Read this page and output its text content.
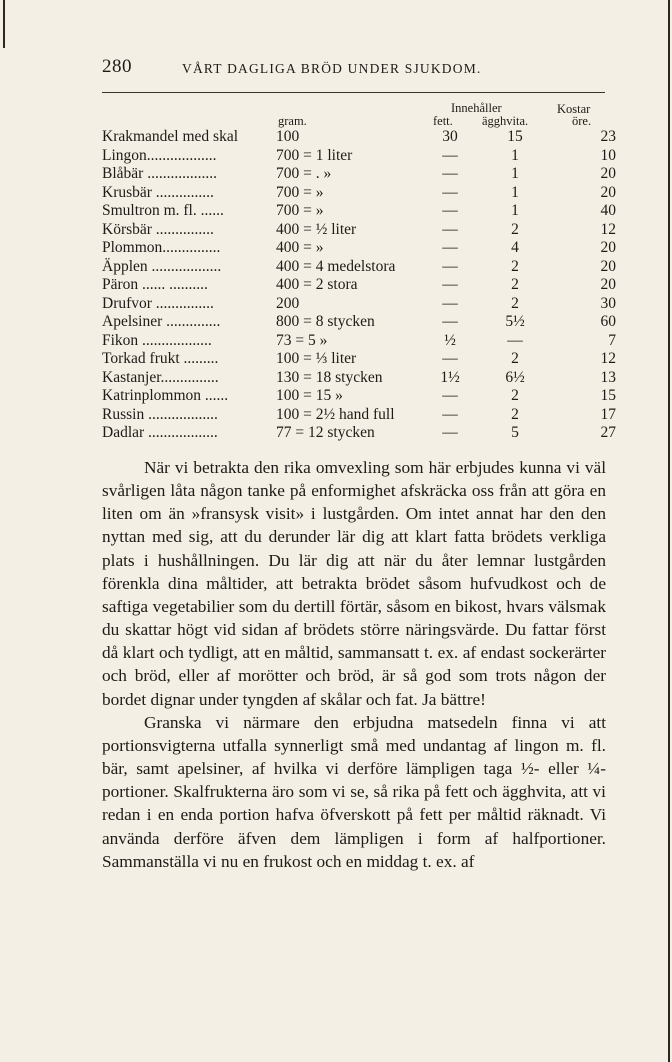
280	VÅRT DAGLIGA BRÖD UNDER SJUKDOM.
Innehåller	Kostar
gram.	fett. ägghvita.	öre.
Krakmandel med skal	100	30	15	23
Lingon..................	700 = 1 liter	—	1	10
Blåbär ..................	700 = . »	—	1	20
Krusbär ...............	700 = »	—	1	20
Smultron m. fl. ......	700 = »	—	1	40
Körsbär ...............	400 = ½ liter	—	2	12
Plommon...............	400 = »	—	4	20
Äpplen ..................	400 = 4 medelstora	—	2	20
Päron ...... ..........	400 = 2 stora	—	2	20
Drufvor ...............	200	—	2	30
Apelsiner ..............	800 = 8 stycken	—	5½	60
Fikon ..................	73 = 5 »	½	—	7
Torkad frukt .........	100 = ⅓ liter	—	2	12
Kastanjer...............	130 = 18 stycken	1½	6½	13
Katrinplommon ......	100 = 15 »	—	2	15
Russin ..................	100 = 2½ hand full	—	2	17
Dadlar ..................	77 = 12 stycken	—	5	27

När vi betrakta den rika omvexling som här erbjudes kunna vi väl svårligen låta någon tanke på enformighet afskräcka oss från att göra en liten om än »fransysk visit» i lustgården. Om intet annat har den den nyttan med sig, att du derunder lär dig att klart fatta brödets verkliga plats i hushållningen. Du lär dig att när du åter lemnar lustgården förenkla dina måltider, att betrakta brödet såsom hufvudkost och de saftiga vegetabilier som du dertill förtär, såsom en bikost, hvars välsmak du skattar högt vid sidan af brödets större näringsvärde. Du fattar först då klart och tydligt, att en måltid, sammansatt t. ex. af endast sockerärter och bröd, eller af morötter och bröd, är så god som trots någon der bordet dignar under tyngden af skålar och fat. Ja bättre!

Granska vi närmare den erbjudna matsedeln finna vi att portionsvigterna utfalla synnerligt små med undantag af lingon m. fl. bär, samt apelsiner, af hvilka vi derföre lämpligen taga ½- eller ¼-portioner. Skalfrukterna äro som vi se, så rika på fett och ägghvita, att vi redan i en enda portion hafva öfverskott på fett per måltid räknadt. Vi använda derföre äfven dem lämpligen i form af halfportioner. Sammanställa vi nu en frukost och en middag t. ex. af
